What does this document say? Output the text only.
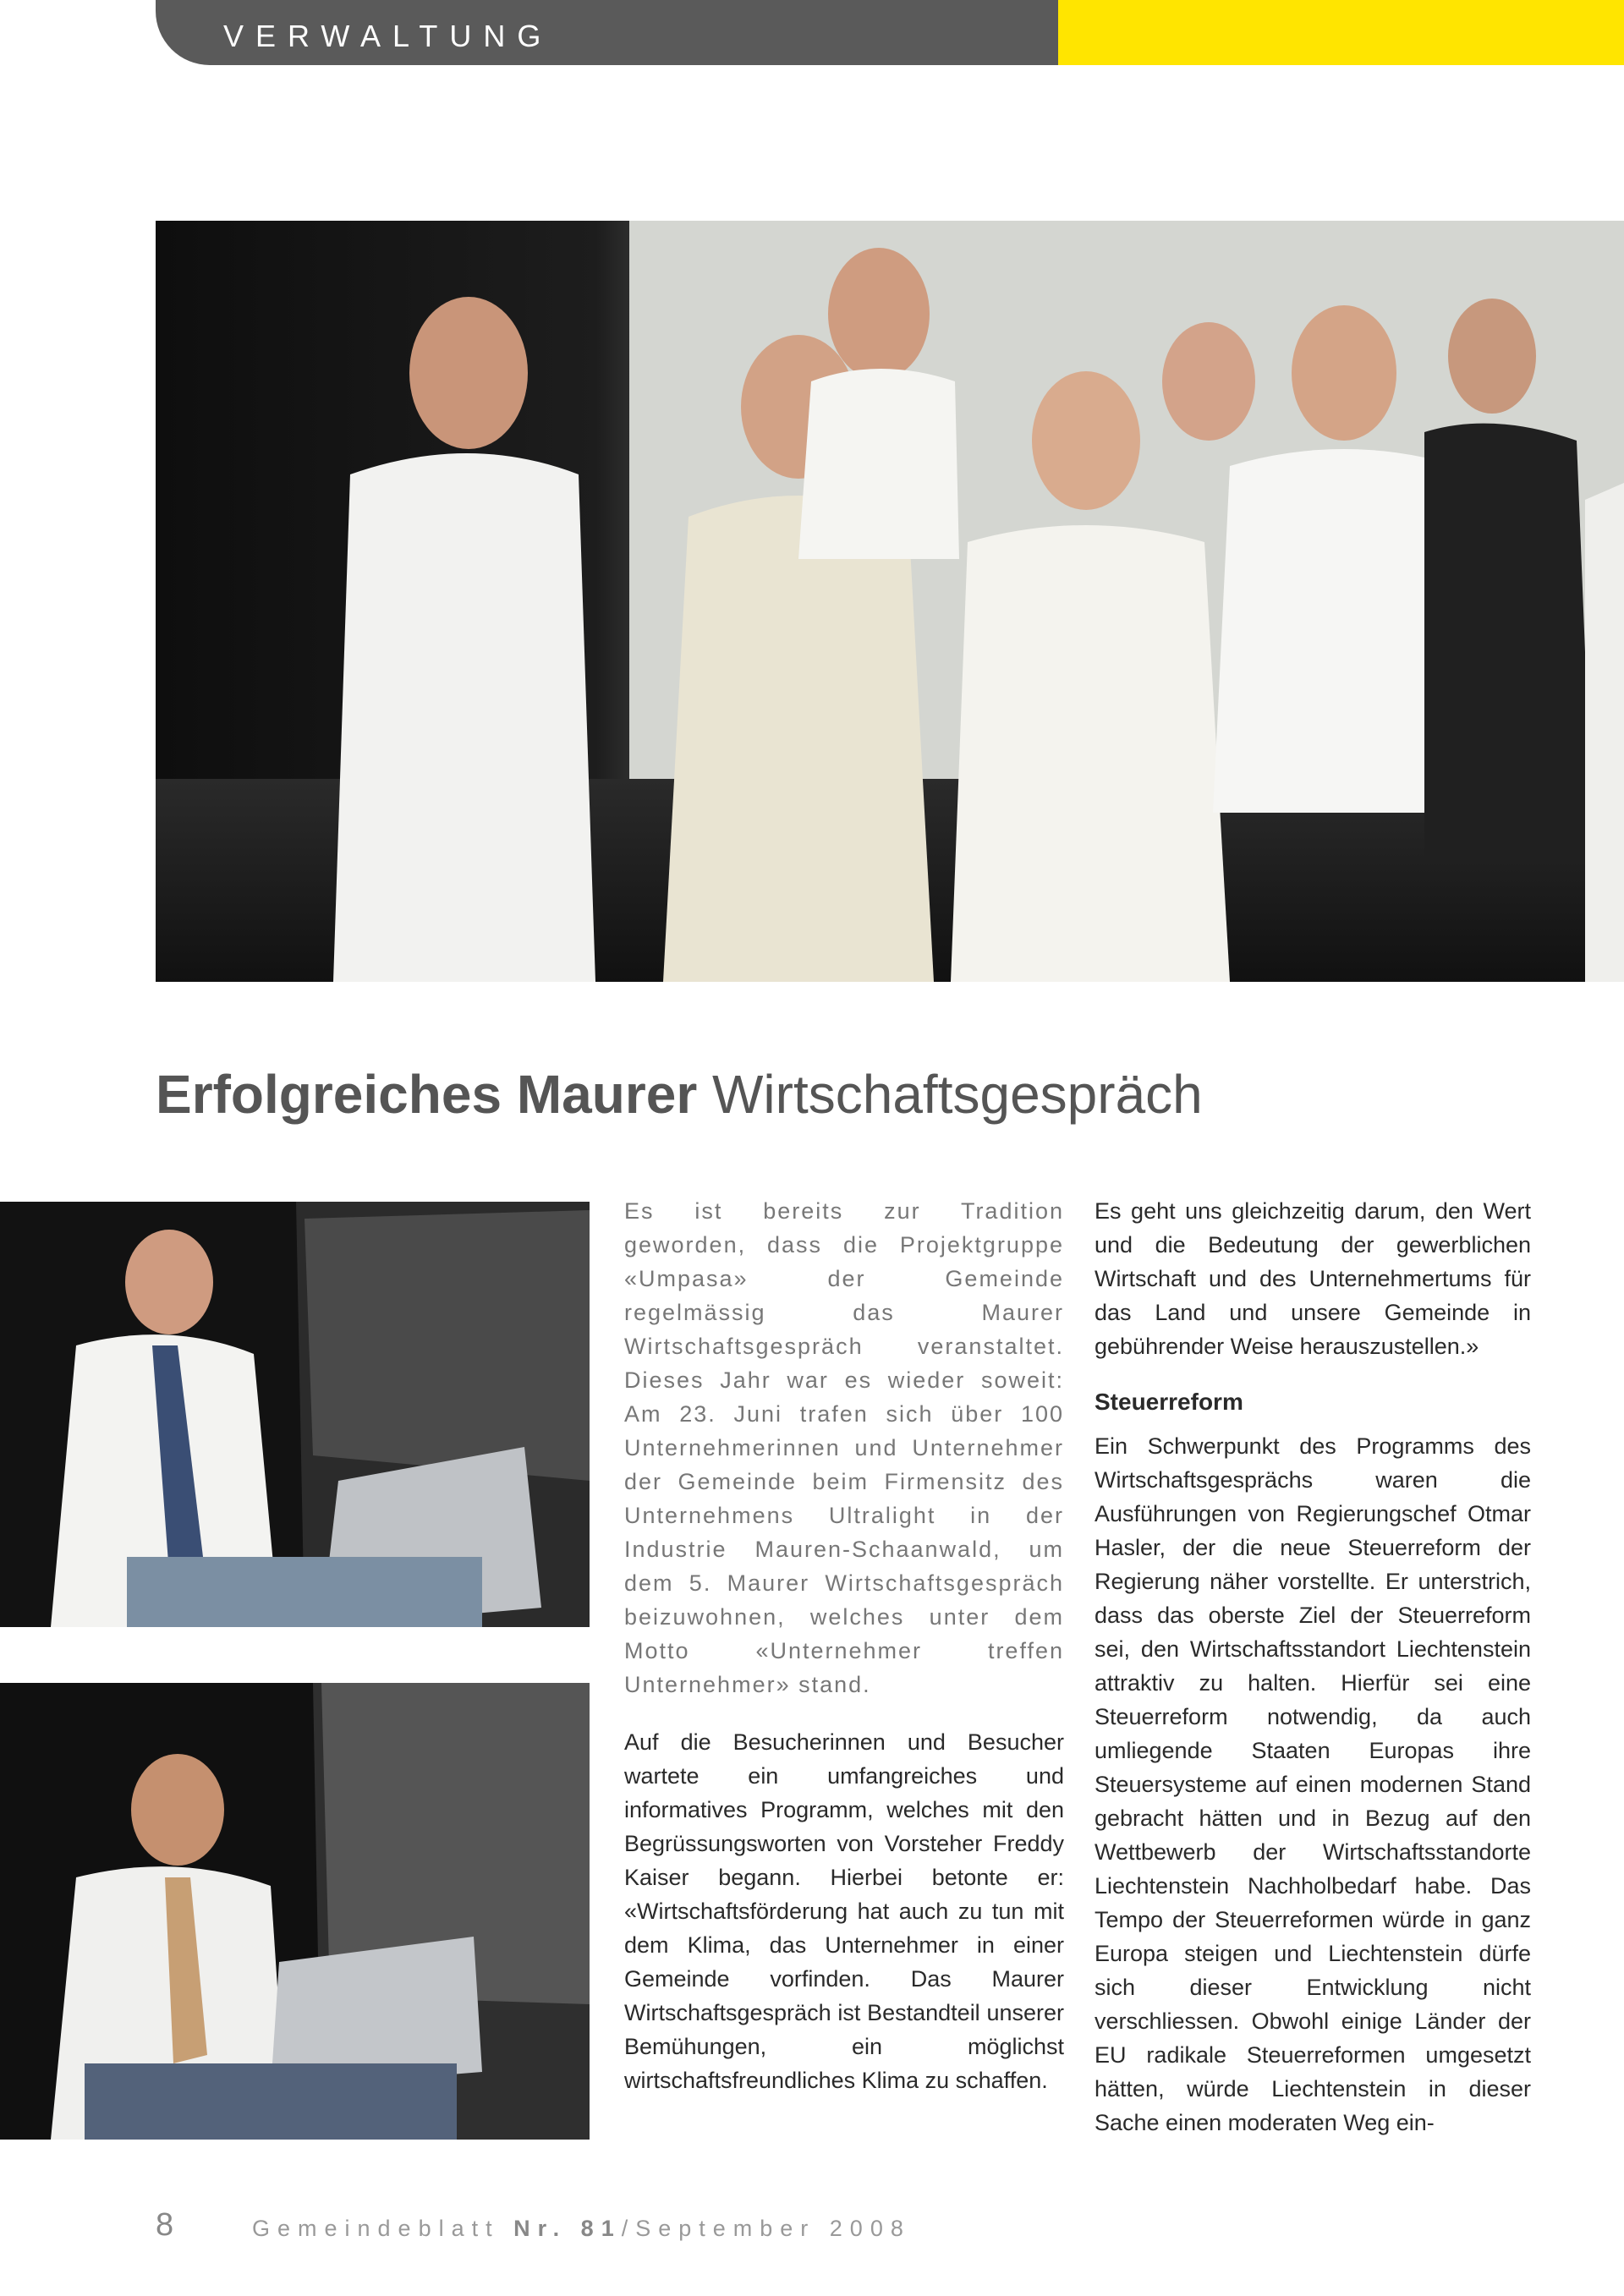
VERWALTUNG
Erfolgreiches Maurer Wirtschaftsgespräch
Es ist bereits zur Tradition geworden, dass die Projektgruppe «Umpasa» der Gemeinde regelmässig das Maurer Wirtschaftsgespräch veranstaltet. Dieses Jahr war es wieder soweit: Am 23. Juni trafen sich über 100 Unternehmerinnen und Unternehmer der Gemeinde beim Firmensitz des Unternehmens Ultralight in der Industrie Mauren-Schaanwald, um dem 5. Maurer Wirtschaftsgespräch beizuwohnen, welches unter dem Motto «Unternehmer treffen Unternehmer» stand.
Auf die Besucherinnen und Besucher wartete ein umfangreiches und informatives Programm, welches mit den Begrüssungsworten von Vorsteher Freddy Kaiser begann. Hierbei betonte er: «Wirtschaftsförderung hat auch zu tun mit dem Klima, das Unternehmer in einer Gemeinde vorfinden. Das Maurer Wirtschaftsgespräch ist Bestandteil unserer Bemühungen, ein möglichst wirtschaftsfreundliches Klima zu schaffen.
Es geht uns gleichzeitig darum, den Wert und die Bedeutung der gewerblichen Wirtschaft und des Unternehmertums für das Land und unsere Gemeinde in gebührender Weise herauszustellen.»
Steuerreform
Ein Schwerpunkt des Programms des Wirtschaftsgesprächs waren die Ausführungen von Regierungschef Otmar Hasler, der die neue Steuerreform der Regierung näher vorstellte. Er unterstrich, dass das oberste Ziel der Steuerreform sei, den Wirtschaftsstandort Liechtenstein attraktiv zu halten. Hierfür sei eine Steuerreform notwendig, da auch umliegende Staaten Europas ihre Steuersysteme auf einen modernen Stand gebracht hätten und in Bezug auf den Wettbewerb der Wirtschaftsstandorte Liechtenstein Nachholbedarf habe. Das Tempo der Steuerreformen würde in ganz Europa steigen und Liechtenstein dürfe sich dieser Entwicklung nicht verschliessen. Obwohl einige Länder der EU radikale Steuerreformen umgesetzt hätten, würde Liechtenstein in dieser Sache einen moderaten Weg ein-
8	Gemeindeblatt Nr. 81/September 2008
